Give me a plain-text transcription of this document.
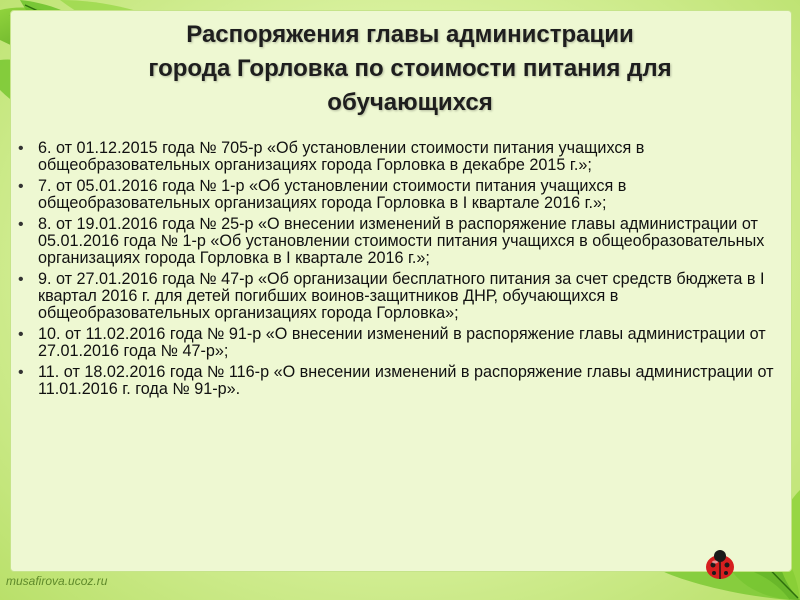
Распоряжения главы администрации
города Горловка по стоимости питания для
обучающихся
• 6. от 01.12.2015 года № 705-р «Об установлении стоимости питания учащихся в общеобразовательных организациях города Горловка в декабре 2015 г.»;
• 7. от 05.01.2016 года № 1-р «Об установлении стоимости питания учащихся в общеобразовательных организациях города Горловка в I квартале 2016 г.»;
• 8. от 19.01.2016 года № 25-р «О внесении изменений в распоряжение главы администрации от 05.01.2016 года № 1-р «Об установлении стоимости питания учащихся в общеобразовательных организациях города Горловка в I квартале 2016 г.»;
• 9. от 27.01.2016 года № 47-р «Об организации бесплатного питания за счет средств бюджета в I квартал 2016 г. для детей погибших воинов-защитников ДНР, обучающихся в общеобразовательных организациях города Горловка»;
• 10. от 11.02.2016 года № 91-р «О внесении изменений в распоряжение главы администрации от 27.01.2016 года № 47-р»;
• 11. от 18.02.2016 года № 116-р «О внесении изменений в распоряжение главы администрации от 11.01.2016 г. года № 91-р».
musafirova.ucoz.ru
